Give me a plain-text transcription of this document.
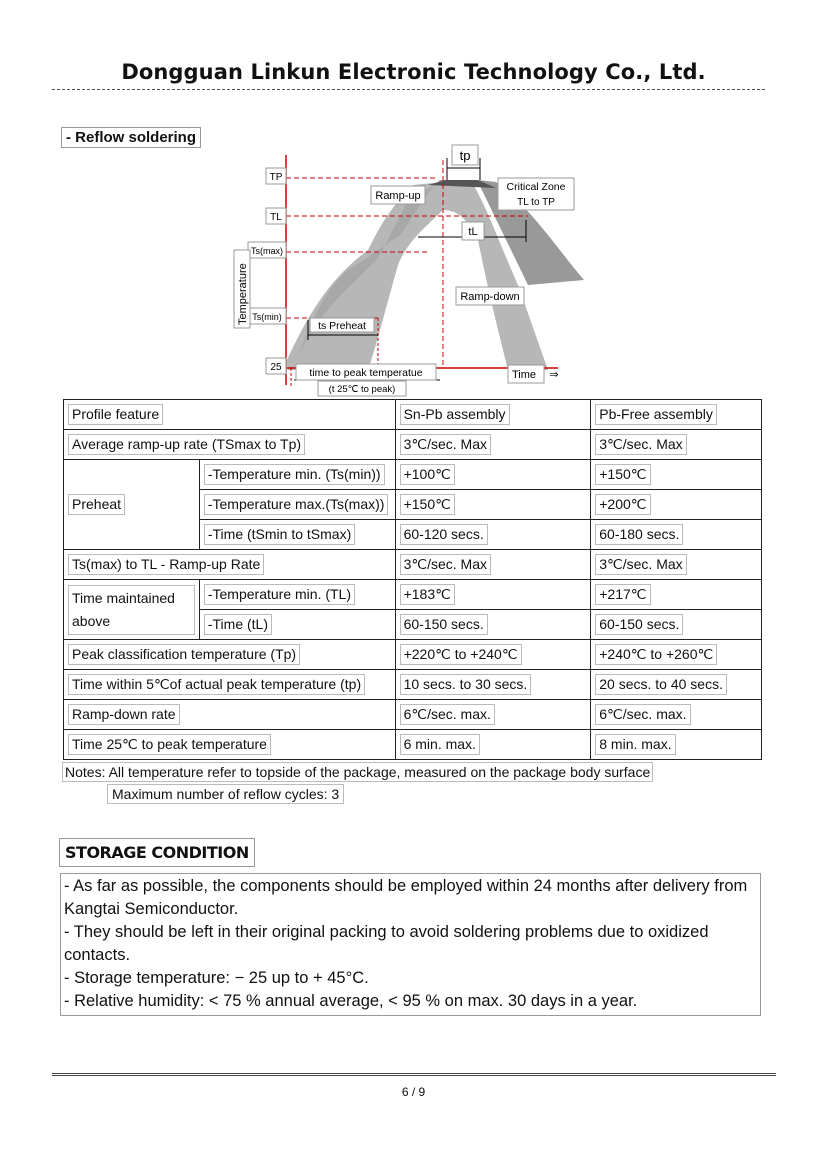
Dongguan Linkun Electronic Technology Co., Ltd.
- Reflow soldering
tp
TP
TL
Ts(max)
Ts(min)
Temperature
Ramp-up
Critical Zone
TL to TP
tL
Ramp-down
ts Preheat
25	time to peak temperatue
(t 25℃ to peak)
Time ⇒
Profile feature		Sn-Pb assembly	Pb-Free assembly
Average ramp-up rate (TSmax to Tp)		3℃/sec. Max	3℃/sec. Max
Preheat	-Temperature min. (Ts(min))	+100℃	+150℃
	-Temperature max.(Ts(max))	+150℃	+200℃
	-Time (tSmin to tSmax)	60-120 secs.	60-180 secs.
Ts(max) to TL - Ramp-up Rate		3℃/sec. Max	3℃/sec. Max
Time maintained above	-Temperature min. (TL)	+183℃	+217℃
	-Time (tL)	60-150 secs.	60-150 secs.
Peak classification temperature (Tp)		+220℃ to +240℃	+240℃ to +260℃
Time within 5℃of actual peak temperature (tp)		10 secs. to 30 secs.	20 secs. to 40 secs.
Ramp-down rate		6℃/sec. max.	6℃/sec. max.
Time 25℃ to peak temperature		6 min. max.	8 min. max.
Notes: All temperature refer to topside of the package, measured on the package body surface
Maximum number of reflow cycles: 3
STORAGE CONDITION
- As far as possible, the components should be employed within 24 months after delivery from Kangtai Semiconductor.
- They should be left in their original packing to avoid soldering problems due to oxidized contacts.
- Storage temperature: − 25 up to + 45°C.
- Relative humidity: < 75 % annual average, < 95 % on max. 30 days in a year.
6 / 9
